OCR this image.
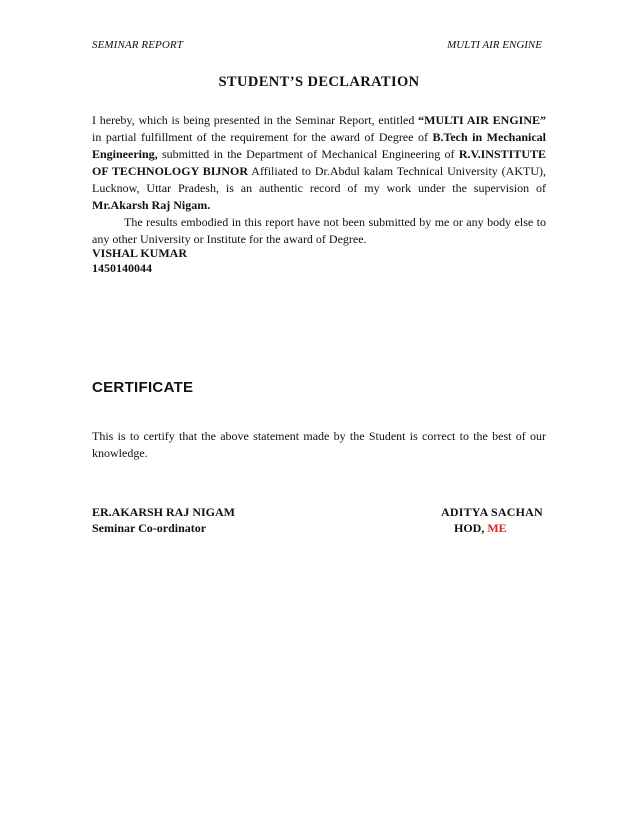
SEMINAR REPORT	MULTI AIR ENGINE
STUDENT’S DECLARATION
I hereby, which is being presented in the Seminar Report, entitled “MULTI AIR ENGINE” in partial fulfillment of the requirement for the award of Degree of B.Tech in Mechanical Engineering, submitted in the Department of Mechanical Engineering of R.V.INSTITUTE OF TECHNOLOGY BIJNOR Affiliated to Dr.Abdul kalam Technical University (AKTU), Lucknow, Uttar Pradesh, is an authentic record of my work under the supervision of Mr.Akarsh Raj Nigam.
The results embodied in this report have not been submitted by me or any body else to any other University or Institute for the award of Degree.
VISHAL KUMAR
1450140044
CERTIFICATE
This is to certify that the above statement made by the Student is correct to the best of our knowledge.
ER.AKARSH RAJ NIGAM
Seminar Co-ordinator
ADITYA SACHAN
HOD, ME
